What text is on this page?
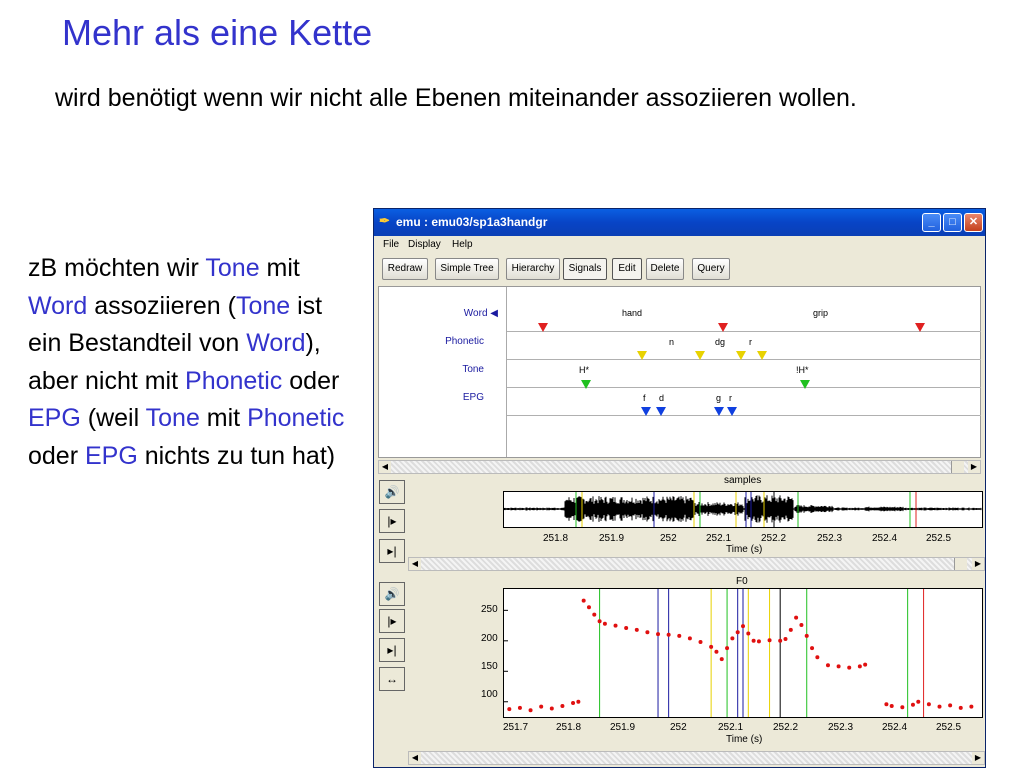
Mehr als eine Kette
wird benötigt wenn wir nicht alle Ebenen miteinander assoziieren wollen.
zB möchten wir Tone mit Word assoziieren (Tone ist ein Bestandteil von Word), aber nicht mit Phonetic oder EPG (weil Tone mit Phonetic oder EPG nichts zu tun hat)
✒ emu : emu03/sp1a3handgr	_	□	✕
File Display Help
Redraw	Simple Tree	Hierarchy	Signals	Edit	Delete	Query
Word ◀
Phonetic
Tone
EPG
hand	grip
n	dg	r
H*	!H*
f d	g r
◀	▶
🔊
|▸
▸|
🔊
|▸
▸|
↔
samples
251.8	251.9	252	252.1	252.2	252.3	252.4	252.5
Time (s)
◀	▶
F0
250
200
150
100
251.7	251.8	251.9	252	252.1	252.2	252.3	252.4	252.5
Time (s)
◀	▶
